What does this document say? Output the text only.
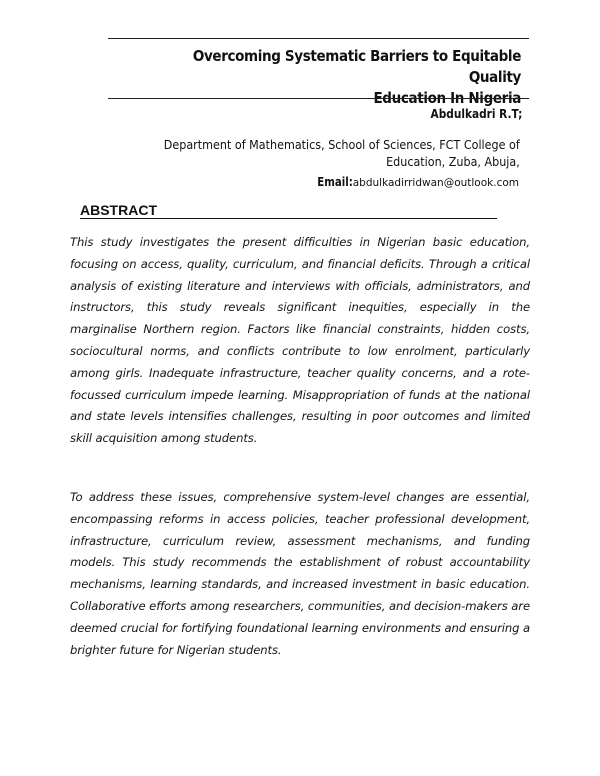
Overcoming Systematic Barriers to Equitable Quality
Education In Nigeria
Abdulkadri R.T;
Department of Mathematics, School of Sciences, FCT College of
Education, Zuba, Abuja,
Email:abdulkadirridwan@outlook.com
ABSTRACT

This study investigates the present difficulties in Nigerian basic education, focusing on access, quality, curriculum, and financial deficits. Through a critical analysis of existing literature and interviews with officials, administrators, and instructors, this study reveals significant inequities, especially in the marginalise Northern region. Factors like financial constraints, hidden costs, sociocultural norms, and conflicts contribute to low enrolment, particularly among girls. Inadequate infrastructure, teacher quality concerns, and a rote-focussed curriculum impede learning. Misappropriation of funds at the national and state levels intensifies challenges, resulting in poor outcomes and limited skill acquisition among students.

To address these issues, comprehensive system-level changes are essential, encompassing reforms in access policies, teacher professional development, infrastructure, curriculum review, assessment mechanisms, and funding models. This study recommends the establishment of robust accountability mechanisms, learning standards, and increased investment in basic education. Collaborative efforts among researchers, communities, and decision-makers are deemed crucial for fortifying foundational learning environments and ensuring a brighter future for Nigerian students.
